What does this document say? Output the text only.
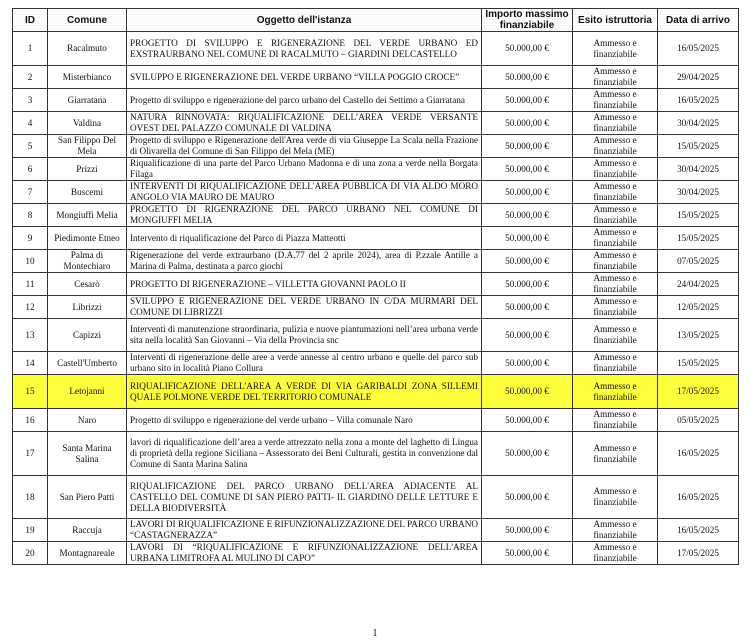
ID	Comune	Oggetto dell'istanza	Importo massimo finanziabile	Esito istruttoria	Data di arrivo
1	Racalmuto	PROGETTO DI SVILUPPO E RIGENERAZIONE DEL VERDE URBANO ED EXSTRAURBANO NEL COMUNE DI RACALMUTO – GIARDINI DELCASTELLO	50.000,00 €	Ammesso e finanziabile	16/05/2025
2	Misterbianco	SVILUPPO E RIGENERAZIONE DEL VERDE URBANO “VILLA POGGIO CROCE”	50.000,00 €	Ammesso e finanziabile	29/04/2025
3	Giarratana	Progetto di sviluppo e rigenerazione del parco urbano del Castello dei Settimo a Giarratana	50.000,00 €	Ammesso e finanziabile	16/05/2025
4	Valdina	NATURA RINNOVATA: RIQUALIFICAZIONE DELL’AREA VERDE VERSANTE OVEST DEL PALAZZO COMUNALE DI VALDINA	50.000,00 €	Ammesso e finanziabile	30/04/2025
5	San Filippo Del Mela	Progetto di sviluppo e Rigenerazione dell'Area verde di via Giuseppe La Scala nella Frazione di Olivarella del Comune di San Filippo del Mela (ME)	50.000,00 €	Ammesso e finanziabile	15/05/2025
6	Prizzi	Riqualificazione di una parte del Parco Urbano Madonna e di una zona a verde nella Borgata Filaga	50.000,00 €	Ammesso e finanziabile	30/04/2025
7	Buscemi	INTERVENTI DI RIQUALIFICAZIONE DELL'AREA PUBBLICA DI VIA ALDO MORO ANGOLO VIA MAURO DE MAURO	50.000,00 €	Ammesso e finanziabile	30/04/2025
8	Mongiuffi Melia	PROGETTO DI RIGENRAZIONE DEL PARCO URBANO NEL COMUNE DI MONGIUFFI MELIA	50.000,00 €	Ammesso e finanziabile	15/05/2025
9	Piedimonte Etneo	Intervento di riqualificazione del Parco di Piazza Matteotti	50.000,00 €	Ammesso e finanziabile	15/05/2025
10	Palma di Montechiaro	Rigenerazione del verde extraurbano (D.A.77 del 2 aprile 2024), area di P.zzale Antille a Marina di Palma, destinata a parco giochi	50.000,00 €	Ammesso e finanziabile	07/05/2025
11	Cesarò	PROGETTO DI RIGENERAZIONE – VILLETTA GIOVANNI PAOLO II	50.000,00 €	Ammesso e finanziabile	24/04/2025
12	Librizzi	SVILUPPO E RIGENERAZIONE DEL VERDE URBANO IN C/DA MURMARI DEL COMUNE DI LIBRIZZI	50.000,00 €	Ammesso e finanziabile	12/05/2025
13	Capizzi	Interventi di manutenzione straordinaria, pulizia e nuove piantumazioni nell’area urbana verde sita nella località San Giovanni – Via della Provincia snc	50.000,00 €	Ammesso e finanziabile	13/05/2025
14	Castell'Umberto	Interventi di rigenerazione delle aree a verde annesse al centro urbano e quelle del parco sub urbano sito in località Piano Collura	50.000,00 €	Ammesso e finanziabile	15/05/2025
15	Letojanni	RIQUALIFICAZIONE DELL'AREA A VERDE DI VIA GARIBALDI ZONA SILLEMI QUALE POLMONE VERDE DEL TERRITORIO COMUNALE	50.000,00 €	Ammesso e finanziabile	17/05/2025
16	Naro	Progetto di sviluppo e rigenerazione del verde urbano – Villa comunale Naro	50.000,00 €	Ammesso e finanziabile	05/05/2025
17	Santa Marina Salina	lavori di riqualificazione dell’area a verde attrezzato nella zona a monte del laghetto di Lingua di proprietà della regione Siciliana – Assessorato dei Beni Culturali, gestita in convenzione dal Comune di Santa Marina Salina	50.000,00 €	Ammesso e finanziabile	16/05/2025
18	San Piero Patti	RIQUALIFICAZIONE DEL PARCO URBANO DELL'AREA ADIACENTE AL CASTELLO DEL COMUNE DI SAN PIERO PATTI- IL GIARDINO DELLE LETTURE E DELLA BIODIVERSITÀ	50.000,00 €	Ammesso e finanziabile	16/05/2025
19	Raccuja	LAVORI DI RIQUALIFICAZIONE E RIFUNZIONALIZZAZIONE DEL PARCO URBANO “CASTAGNERAZZA”	50.000,00 €	Ammesso e finanziabile	16/05/2025
20	Montagnareale	LAVORI DI “RIQUALIFICAZIONE E RIFUNZIONALIZZAZIONE DELL'AREA URBANA LIMITROFA AL MULINO DI CAPO”	50.000,00 €	Ammesso e finanziabile	17/05/2025
1
